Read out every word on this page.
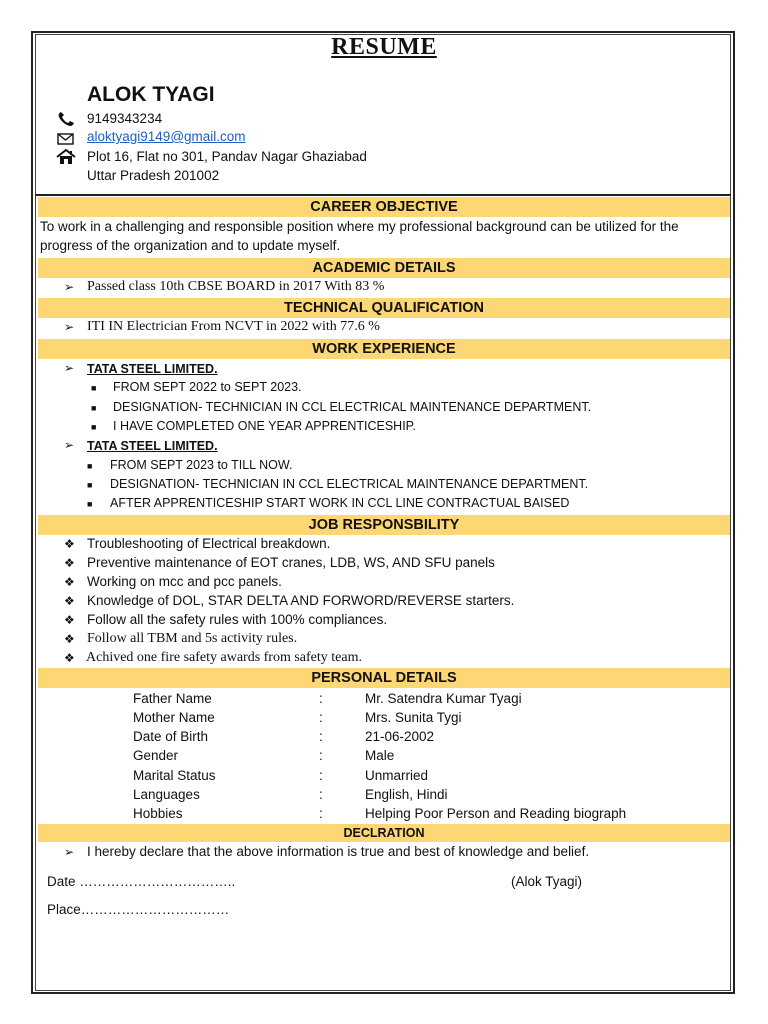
RESUME
ALOK TYAGI
9149343234
aloktyagi9149@gmail.com
Plot 16, Flat no 301, Pandav Nagar Ghaziabad
Uttar Pradesh 201002
CAREER OBJECTIVE
To work in a challenging and responsible position where my professional background can be utilized for the
progress of the organization and to update myself.
ACADEMIC DETAILS
➢ Passed class 10th CBSE BOARD in 2017 With 83 %
TECHNICAL QUALIFICATION
➢ ITI IN Electrician From NCVT in 2022 with 77.6 %
WORK EXPERIENCE
➢ TATA STEEL LIMITED.
■ FROM SEPT 2022 to SEPT 2023.
■ DESIGNATION- TECHNICIAN IN CCL ELECTRICAL MAINTENANCE DEPARTMENT.
■ I HAVE COMPLETED ONE YEAR APPRENTICESHIP.
➢ TATA STEEL LIMITED.
■ FROM SEPT 2023 to TILL NOW.
■ DESIGNATION- TECHNICIAN IN CCL ELECTRICAL MAINTENANCE DEPARTMENT.
■ AFTER APPRENTICESHIP START WORK IN CCL LINE CONTRACTUAL BAISED
JOB RESPONSBILITY
❖ Troubleshooting of Electrical breakdown.
❖ Preventive maintenance of EOT cranes, LDB, WS, AND SFU panels
❖ Working on mcc and pcc panels.
❖ Knowledge of DOL, STAR DELTA AND FORWORD/REVERSE starters.
❖ Follow all the safety rules with 100% compliances.
❖ Follow all TBM and 5s activity rules.
❖ Achived one fire safety awards from safety team.
PERSONAL DETAILS
Father Name	:	Mr. Satendra Kumar Tyagi
Mother Name	:	Mrs. Sunita Tygi
Date of Birth	:	21-06-2002
Gender	:	Male
Marital Status	:	Unmarried
Languages	:	English, Hindi
Hobbies	:	Helping Poor Person and Reading biograph
DECLRATION
➢ I hereby declare that the above information is true and best of knowledge and belief.
Date ……………………………..	(Alok Tyagi)
Place……………………………
